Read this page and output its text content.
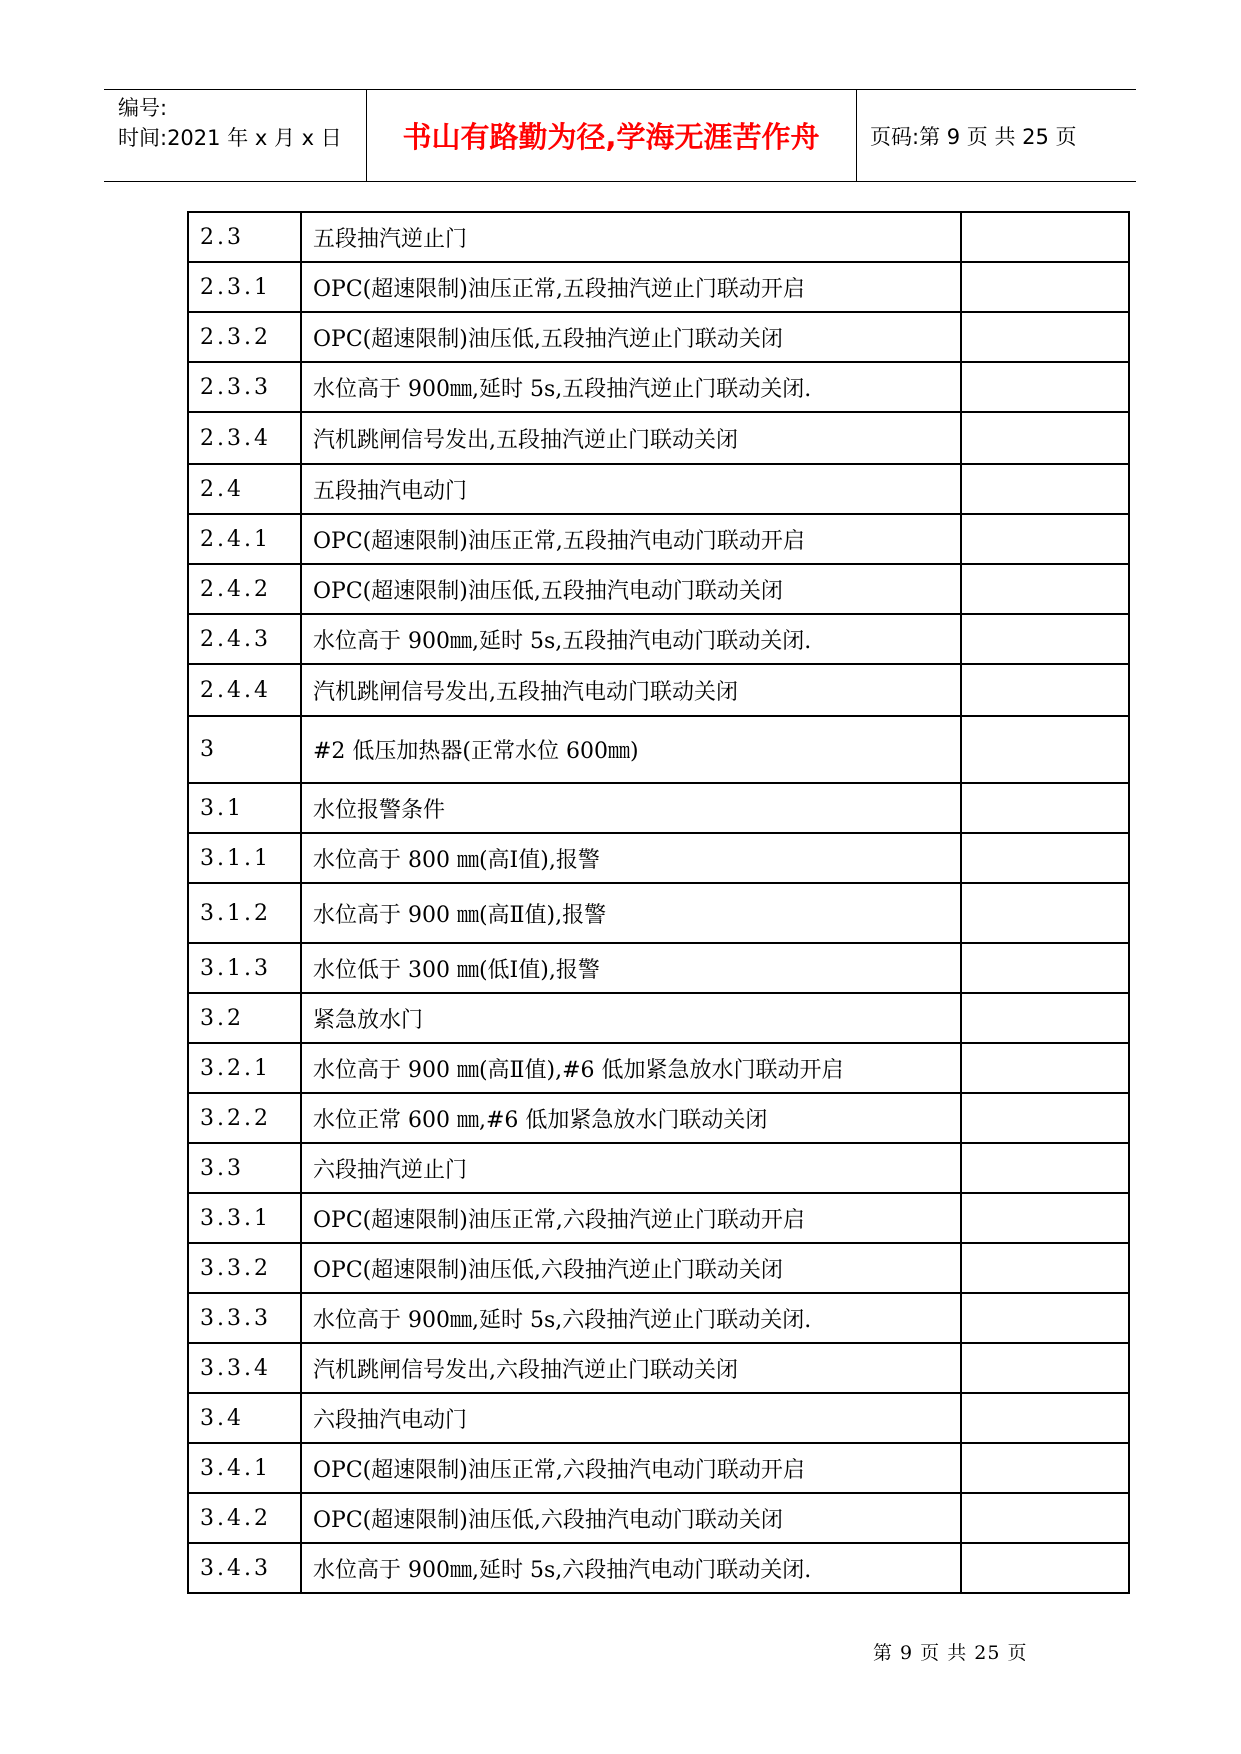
编号:
时间:2021 年 x 月 x 日	书山有路勤为径,学海无涯苦作舟	页码:第 9 页 共 25 页
2.3	五段抽汽逆止门	
2.3.1	OPC(超速限制)油压正常,五段抽汽逆止门联动开启	
2.3.2	OPC(超速限制)油压低,五段抽汽逆止门联动关闭	
2.3.3	水位高于 900㎜,延时 5s,五段抽汽逆止门联动关闭.	
2.3.4	汽机跳闸信号发出,五段抽汽逆止门联动关闭	
2.4	五段抽汽电动门	
2.4.1	OPC(超速限制)油压正常,五段抽汽电动门联动开启	
2.4.2	OPC(超速限制)油压低,五段抽汽电动门联动关闭	
2.4.3	水位高于 900㎜,延时 5s,五段抽汽电动门联动关闭.	
2.4.4	汽机跳闸信号发出,五段抽汽电动门联动关闭	
3	#2 低压加热器(正常水位 600㎜)	
3.1	水位报警条件	
3.1.1	水位高于 800 ㎜(高Ⅰ值),报警	
3.1.2	水位高于 900 ㎜(高Ⅱ值),报警	
3.1.3	水位低于 300 ㎜(低Ⅰ值),报警	
3.2	紧急放水门	
3.2.1	水位高于 900 ㎜(高Ⅱ值),#6 低加紧急放水门联动开启	
3.2.2	水位正常 600 ㎜,#6 低加紧急放水门联动关闭	
3.3	六段抽汽逆止门	
3.3.1	OPC(超速限制)油压正常,六段抽汽逆止门联动开启	
3.3.2	OPC(超速限制)油压低,六段抽汽逆止门联动关闭	
3.3.3	水位高于 900㎜,延时 5s,六段抽汽逆止门联动关闭.	
3.3.4	汽机跳闸信号发出,六段抽汽逆止门联动关闭	
3.4	六段抽汽电动门	
3.4.1	OPC(超速限制)油压正常,六段抽汽电动门联动开启	
3.4.2	OPC(超速限制)油压低,六段抽汽电动门联动关闭	
3.4.3	水位高于 900㎜,延时 5s,六段抽汽电动门联动关闭.	
第 9 页 共 25 页
